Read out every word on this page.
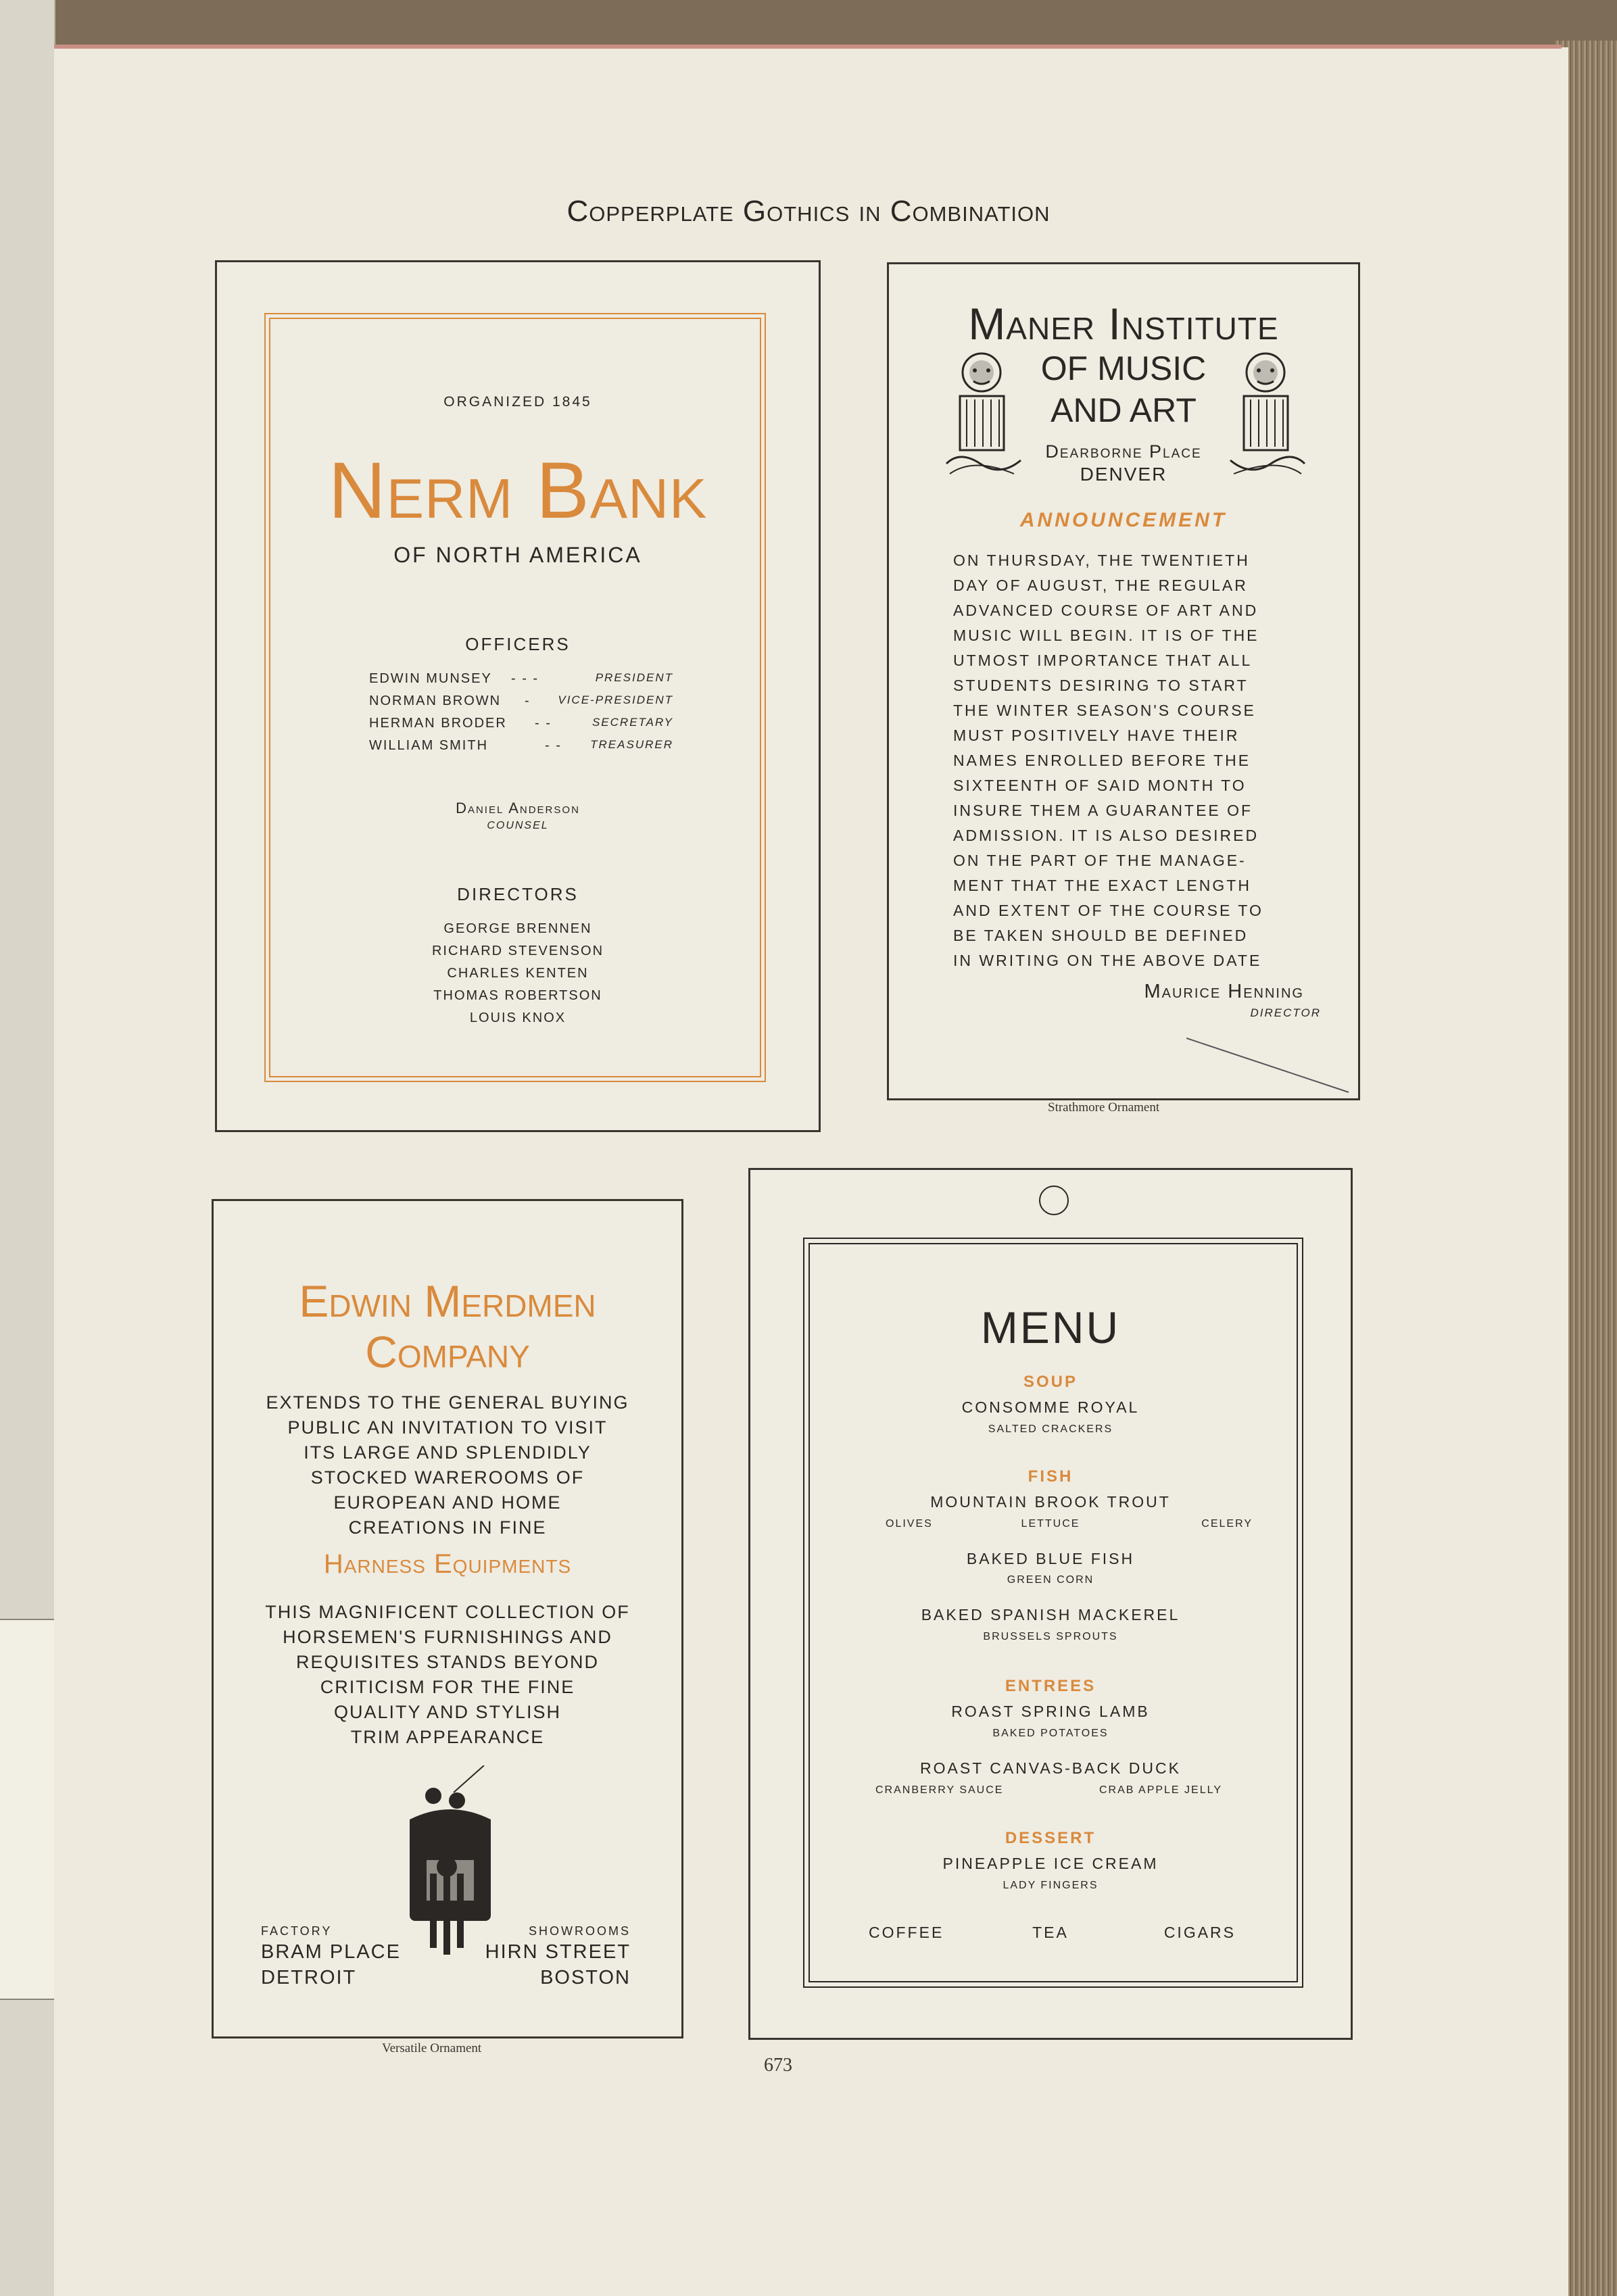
Copperplate Gothics in Combination
ORGANIZED 1845
Nerm Bank
OF NORTH AMERICA
OFFICERS
EDWIN MUNSEY - - -	PRESIDENT
NORMAN BROWN - VICE-PRESIDENT
HERMAN BRODER - -	SECRETARY
WILLIAM SMITH	- - TREASURER
Daniel Anderson
COUNSEL
DIRECTORS
GEORGE BRENNEN
RICHARD STEVENSON
CHARLES KENTEN
THOMAS ROBERTSON
LOUIS KNOX
Maner Institute
OF MUSIC
AND ART
Dearborne Place
DENVER
ANNOUNCEMENT
ON THURSDAY, THE TWENTIETH
DAY OF AUGUST, THE REGULAR
ADVANCED COURSE OF ART AND
MUSIC WILL BEGIN. IT IS OF THE
UTMOST IMPORTANCE THAT ALL
STUDENTS DESIRING TO START
THE WINTER SEASON'S COURSE
MUST POSITIVELY HAVE THEIR
NAMES ENROLLED BEFORE THE
SIXTEENTH OF SAID MONTH TO
INSURE THEM A GUARANTEE OF
ADMISSION. IT IS ALSO DESIRED
ON THE PART OF THE MANAGE-
MENT THAT THE EXACT LENGTH
AND EXTENT OF THE COURSE TO
BE TAKEN SHOULD BE DEFINED
IN WRITING ON THE ABOVE DATE
Maurice Henning
DIRECTOR
Strathmore Ornament
Edwin Merdmen
Company
EXTENDS TO THE GENERAL BUYING
PUBLIC AN INVITATION TO VISIT
ITS LARGE AND SPLENDIDLY
STOCKED WAREROOMS OF
EUROPEAN AND HOME
CREATIONS IN FINE
Harness Equipments
THIS MAGNIFICENT COLLECTION OF
HORSEMEN'S FURNISHINGS AND
REQUISITES STANDS BEYOND
CRITICISM FOR THE FINE
QUALITY AND STYLISH
TRIM APPEARANCE
FACTORY
BRAM PLACE
DETROIT
SHOWROOMS
HIRN STREET
BOSTON
Versatile Ornament
MENU
SOUP
CONSOMME ROYAL
SALTED CRACKERS
FISH
MOUNTAIN BROOK TROUT
OLIVES	LETTUCE	CELERY
BAKED BLUE FISH
GREEN CORN
BAKED SPANISH MACKEREL
BRUSSELS SPROUTS
ENTREES
ROAST SPRING LAMB
BAKED POTATOES
ROAST CANVAS-BACK DUCK
CRANBERRY SAUCE	CRAB APPLE JELLY
DESSERT
PINEAPPLE ICE CREAM
LADY FINGERS
COFFEE	TEA	CIGARS
673
